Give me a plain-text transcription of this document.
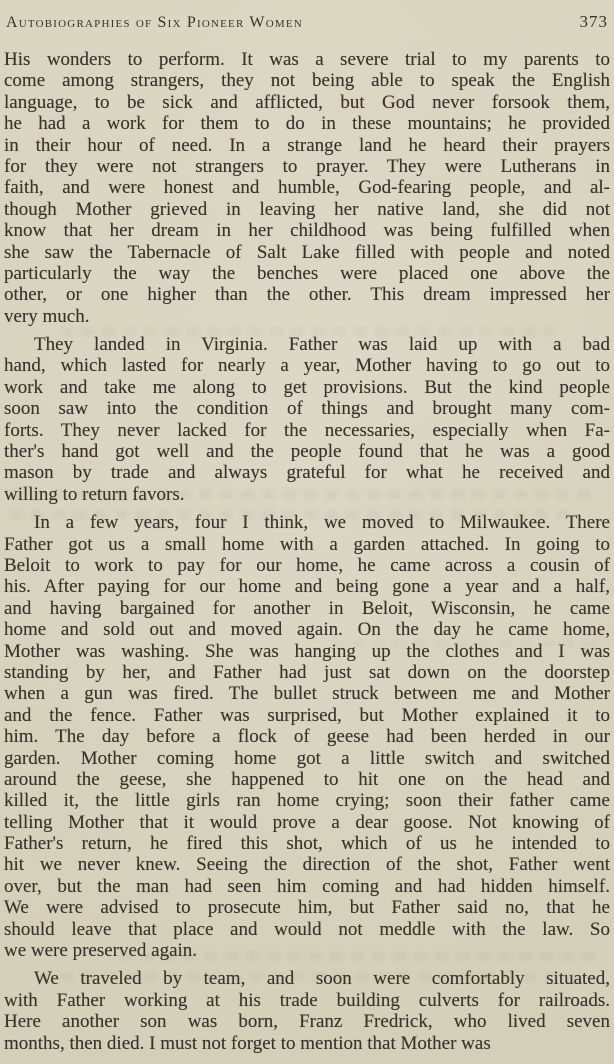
Autobiographies of Six Pioneer Women	373
His wonders to perform. It was a severe trial to my parents to
come among strangers, they not being able to speak the English
language, to be sick and afflicted, but God never forsook them,
he had a work for them to do in these mountains; he provided
in their hour of need. In a strange land he heard their prayers
for they were not strangers to prayer. They were Lutherans in
faith, and were honest and humble, God-fearing people, and al-
though Mother grieved in leaving her native land, she did not
know that her dream in her childhood was being fulfilled when
she saw the Tabernacle of Salt Lake filled with people and noted
particularly the way the benches were placed one above the
other, or one higher than the other. This dream impressed her
very much.
They landed in Virginia. Father was laid up with a bad
hand, which lasted for nearly a year, Mother having to go out to
work and take me along to get provisions. But the kind people
soon saw into the condition of things and brought many com-
forts. They never lacked for the necessaries, especially when Fa-
ther's hand got well and the people found that he was a good
mason by trade and always grateful for what he received and
willing to return favors.
In a few years, four I think, we moved to Milwaukee. There
Father got us a small home with a garden attached. In going to
Beloit to work to pay for our home, he came across a cousin of
his. After paying for our home and being gone a year and a half,
and having bargained for another in Beloit, Wisconsin, he came
home and sold out and moved again. On the day he came home,
Mother was washing. She was hanging up the clothes and I was
standing by her, and Father had just sat down on the doorstep
when a gun was fired. The bullet struck between me and Mother
and the fence. Father was surprised, but Mother explained it to
him. The day before a flock of geese had been herded in our
garden. Mother coming home got a little switch and switched
around the geese, she happened to hit one on the head and
killed it, the little girls ran home crying; soon their father came
telling Mother that it would prove a dear goose. Not knowing of
Father's return, he fired this shot, which of us he intended to
hit we never knew. Seeing the direction of the shot, Father went
over, but the man had seen him coming and had hidden himself.
We were advised to prosecute him, but Father said no, that he
should leave that place and would not meddle with the law. So
we were preserved again.
We traveled by team, and soon were comfortably situated,
with Father working at his trade building culverts for railroads.
Here another son was born, Franz Fredrick, who lived seven
months, then died. I must not forget to mention that Mother was
